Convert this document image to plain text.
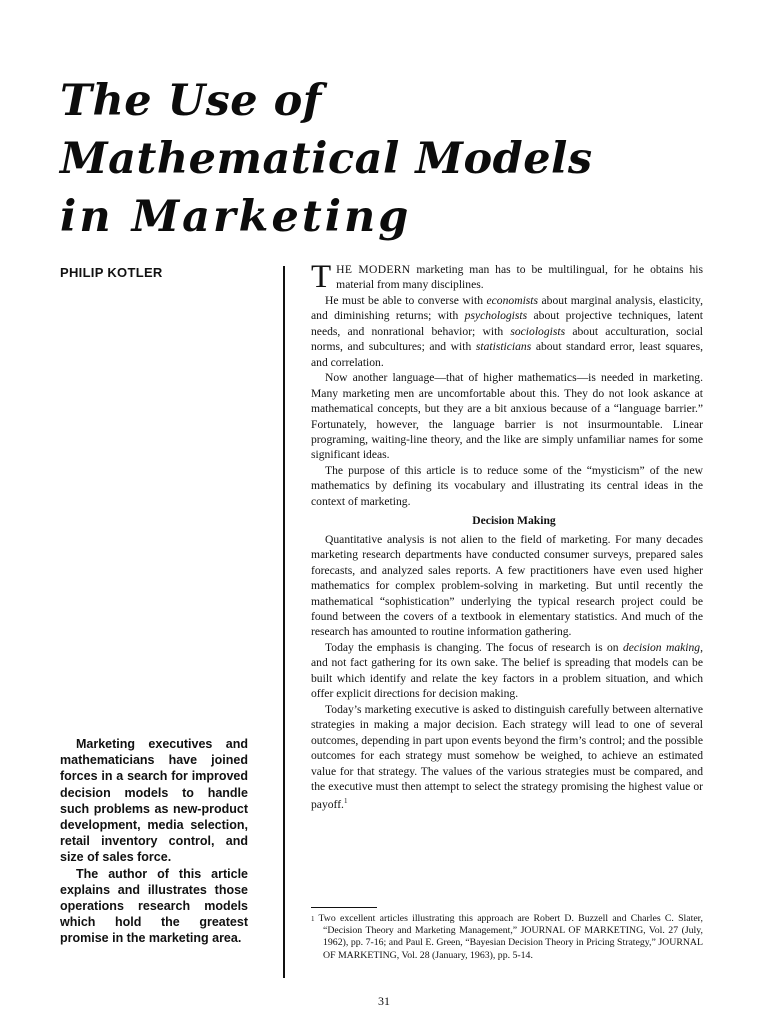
The Use of
Mathematical Models
in Marketing
PHILIP KOTLER

Marketing executives and mathematicians have joined forces in a search for improved decision models to handle such problems as new-product development, media selection, retail inventory control, and size of sales force.

The author of this article explains and illustrates those operations research models which hold the greatest promise in the marketing area.

THE MODERN marketing man has to be multilingual, for he obtains his material from many disciplines.

He must be able to converse with economists about marginal analysis, elasticity, and diminishing returns; with psychologists about projective techniques, latent needs, and nonrational behavior; with sociologists about acculturation, social norms, and subcultures; and with statisticians about standard error, least squares, and correlation.

Now another language—that of higher mathematics—is needed in marketing. Many marketing men are uncomfortable about this. They do not look askance at mathematical concepts, but they are a bit anxious because of a “language barrier.” Fortunately, however, the language barrier is not insurmountable. Linear programing, waiting-line theory, and the like are simply unfamiliar names for some significant ideas.

The purpose of this article is to reduce some of the “mysticism” of the new mathematics by defining its vocabulary and illustrating its central ideas in the context of marketing.

Decision Making

Quantitative analysis is not alien to the field of marketing. For many decades marketing research departments have conducted consumer surveys, prepared sales forecasts, and analyzed sales reports. A few practitioners have even used higher mathematics for complex problem-solving in marketing. But until recently the mathematical “sophistication” underlying the typical research project could be found between the covers of a textbook in elementary statistics. And much of the research has amounted to routine information gathering.

Today the emphasis is changing. The focus of research is on decision making, and not fact gathering for its own sake. The belief is spreading that models can be built which identify and relate the key factors in a problem situation, and which offer explicit directions for decision making.

Today’s marketing executive is asked to distinguish carefully between alternative strategies in making a major decision. Each strategy will lead to one of several outcomes, depending in part upon events beyond the firm’s control; and the possible outcomes for each strategy must somehow be weighed, to achieve an estimated value for that strategy. The values of the various strategies must be compared, and the executive must then attempt to select the strategy promising the highest value or payoff.$^1$

$^1$ Two excellent articles illustrating this approach are Robert D. Buzzell and Charles C. Slater, “Decision Theory and Marketing Management,” JOURNAL OF MARKETING, Vol. 27 (July, 1962), pp. 7-16; and Paul E. Green, “Bayesian Decision Theory in Pricing Strategy,” JOURNAL OF MARKETING, Vol. 28 (January, 1963), pp. 5-14.
31
